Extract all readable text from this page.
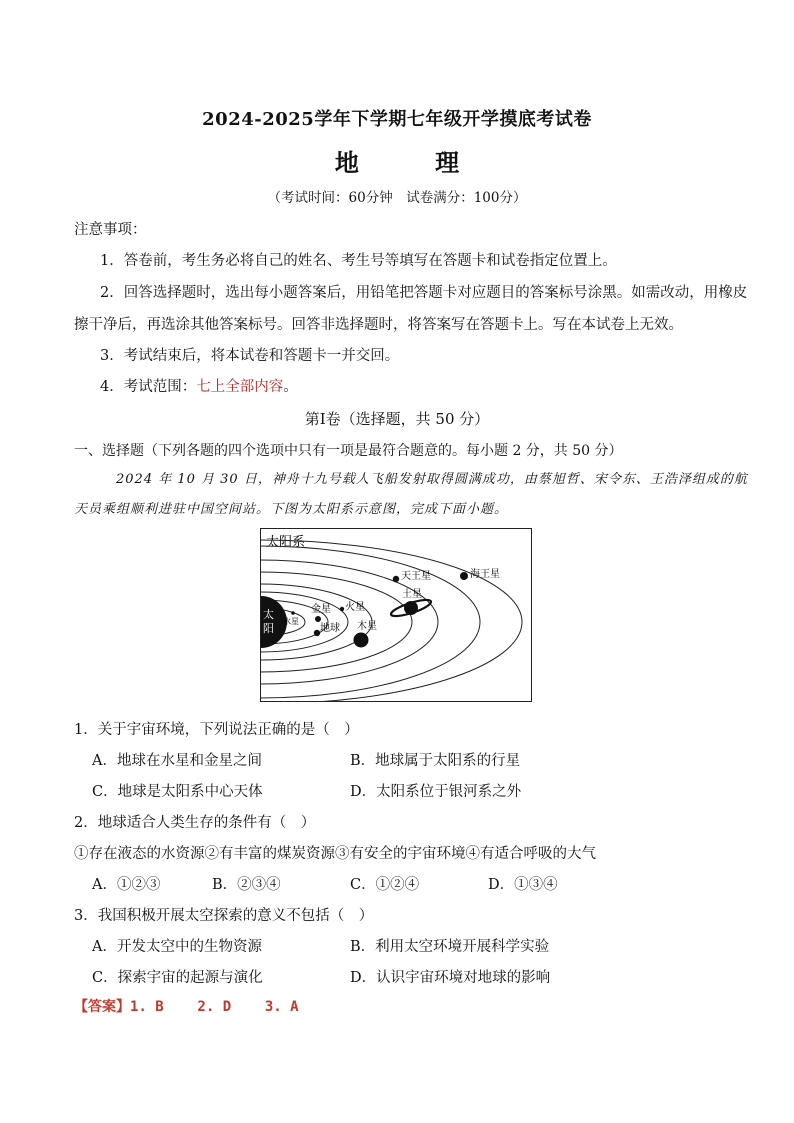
2024-2025学年下学期七年级开学摸底考试卷
地 理
（考试时间：60分钟　试卷满分：100分）
注意事项：
1．答卷前，考生务必将自己的姓名、考生号等填写在答题卡和试卷指定位置上。
2．回答选择题时，选出每小题答案后，用铅笔把答题卡对应题目的答案标号涂黑。如需改动，用橡皮
擦干净后，再选涂其他答案标号。回答非选择题时，将答案写在答题卡上。写在本试卷上无效。
3．考试结束后，将本试卷和答题卡一并交回。
4．考试范围：七上全部内容。
第Ⅰ卷（选择题，共 50 分）
一、选择题（下列各题的四个选项中只有一项是最符合题意的。每小题 2 分，共 50 分）
2024 年 10 月 30 日，神舟十九号载人飞船发射取得圆满成功，由蔡旭哲、宋令东、王浩泽组成的航
天员乘组顺利进驻中国空间站。下图为太阳系示意图，完成下面小题。
太阳系
太
阳
水星
金星
地球
火星
木星
土星
天王星	海王星
1．关于宇宙环境，下列说法正确的是（　）
A．地球在水星和金星之间	B．地球属于太阳系的行星
C．地球是太阳系中心天体	D．太阳系位于银河系之外
2．地球适合人类生存的条件有（　）
①存在液态的水资源②有丰富的煤炭资源③有安全的宇宙环境④有适合呼吸的大气
A．①②③	B．②③④	C．①②④	D．①③④
3．我国积极开展太空探索的意义不包括（　）
A．开发太空中的生物资源	B．利用太空环境开展科学实验
C．探索宇宙的起源与演化	D．认识宇宙环境对地球的影响
【答案】1. B    2. D    3. A
